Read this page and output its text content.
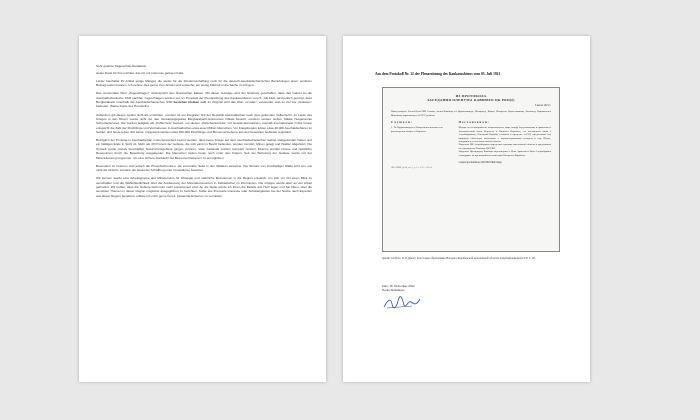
Sehr geehrte Tagesschau-Redaktion,

vielen Dank für Ihren Artikel, das ich mit Interesse gelesen habe.

Leider beinhaltet Ihr Artikel einige Mängel, die weder für die Friedensschaffung noch für die deutsch-aserbaidschanischen Beziehungen einen positiven Beitrag leisten können. Ich nehme dies gerne zum Anlass und versuche, ein wenig Klarheit in die Sache zu bringen.

Das verwendete Wort „Zugeschlagen“ widerspricht den historischen Fakten. Mit dieser Aussage wird der Eindruck geschaffen, dass das Gebiet an die Aserbaidschanische SSR nachher zugeschlagen worden sei. Im Protokoll der Plenarsitzung des Kaukasusbüros vom 5. Juli 1921 wird jedoch gezeigt, dass Bergkarabach innerhalb der Aserbaidschanischen SSR bestehen bleiben soll. Im Original wird das Wort „оставит“ verwendet, was so viel wie „belassen“ bedeutet. (Siehe Kopie des Protokolls)

Außerdem gilt dieses Gebiet nicht als umstritten, sondern ist ein integraler Teil der Republik Aserbaidschan nach dem geltenden Völkerrecht. Im Laufe des Krieges in den 90-ern wurde nicht nur das Verwaltungsgebiet Bergkarabach-Autonomes Oblast besetzt, sondern weitere sieben Städte (Sogenannte Sicherheitszone). Sie wurden lediglich als „Pufferzone“ benutzt, um diesen „Zwischenkorridor“ mit Gewalt abzusichern. Gemäß Internationaler Crisis Group entspricht die Zahl der Flüchtlinge und Vertriebenen in Aserbaidschan etwa einer Million Menschen. Vor Kriegsbeginn lebten etwa 40.000 Aserbaidschaner im Gebiet, und heute leben dort keine. Insgesamt wurden etwa 300.000 Flüchtlinge und Binnenvertriebene aus den besetzten Gebieten registriert.

Bezüglich der Proteste in Aserbaidschan muss besonders betont werden, dass keine Kriege auf dem aserbaidschanischen Gebiet stattgefunden haben und ein baldiges Ende in Sicht ist. Mehr als 30 Prozent der Gebiete, die sich einst im Besitz befanden, wurden zerstört, Minen gelegt und Wälder abgeholzt. Die Umwelt wurde massiv beschädigt, Naturschutzgebiete gingen verloren. Viele Gebäude wurden komplett zerstört. Ebenso wurden Flüsse und natürliche Ressourcen durch die Besatzung ausgebeutet. Die Menschen leiden heute noch unter den Folgen. Seit der Befreiung der Gebiete wurde mit der Minenräumung begonnen, um eine sichere Rückkehr der Binnenvertriebenen zu ermöglichen.

Besonders zu betonen sind jedoch die Phosphorbomben, die ermordete Seite in den Wäldern einsetzte. Der Einsatz von Uranhaltiger Waffe wird von uns nicht als Absicht, sondern als bewusste Schaffung einer Umweltkrise bewertet.

Wir kurzem wurde eine Arbeitsgruppe des Ministeriums für Ökologie und natürliche Ressourcen in die Region entsandt, um sich vor Ort einen Blick zu verschaffen und die Wahlöffentlichkeit über die Ausbeutung der Mineralressourcen in Kelbadschar zu informieren. Die Gruppe wurde aber an der Arbeit gehindert. Wir hoffen, dass die Gebiete bald nicht mehr kontaminiert sind. An die Stelle würde ich Ihnen die Details ans Herz legen und Sie bitten, über die sensiblen Themen in dieser Region möglichst ausgeglichen zu berichten. Sollte aus Ihrerseits Interesse oder Schwierigkeiten bei der Suche nach Experten aus dieser Region bestehen, erkläre ich mich gerne bereit, passende Experten zu vermitteln.

Aus dem Protokoll Nr. 12 der Plenarsitzung des Kaukasusbüros vom 05. Juli 1921
ИЗ ПРОТОКОЛА
ЗАСЕДАНИЯ ПЛЕНУМА КАВБЮРО ЦК РКП(б)
5 июля 1921 г.
Присутствуют: Члены Цека РКП Сталин, члены Кавбюро т.т. Орджоникидзе, Махарадзе, Киров, Назаретян, Орахелашвили, Фигатнер, Нариманов и Мясников, наркоминдел АССР Гусейнов.
Слушали:
1. Тт. Орджоникидзе и Назаретяном вносится на рассмотрение вопрос о Карабахе.
Постановили:
Исходя из необходимости национального мира между мусульманами и армянами и экономической связи Верхнего и Нижнего Карабаха, его постоянной связи с Азербайджаном, Нагорный Карабах оставить в пределах АзССР, предоставив ему широкую областную автономию с административным центром в гор. Шуше, входящем в состав автономной области.
Поручить ЦК Азербайджана определить границы автономной области и представить на утверждение Кавбюро ЦК РКП.
Поручить Президиуму Кавбюро переговорить с Цека Армении и Цека Азербайджана о кандидате на чрезвычайного комиссара Нагорного Карабаха.
Секретарь Кавбюро ЦК РКП Фигатнер
ЦПА ИМЛ, ф. 64, оп. 2, д. 1, л. 122—123 об.
Quelle: Guliyev, D. P. (Red.): К истории образования Нагорно-Карабахской автономной области Азербайджанской ССР, S. 92.
Köln, 15. Dezember 2022
Nuran Abdullayev
